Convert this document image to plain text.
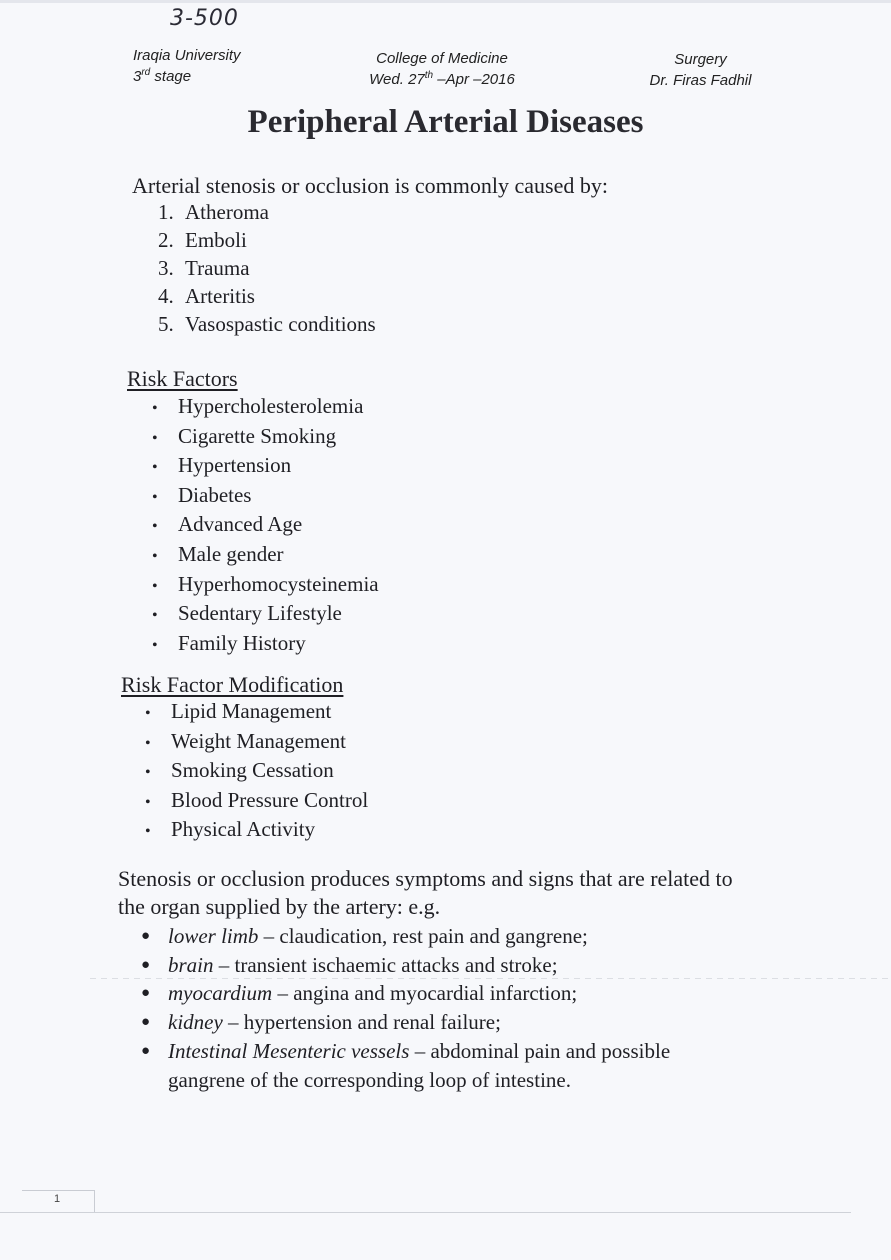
3-500
Iraqia University
3rd stage
College of Medicine
Wed. 27th –Apr –2016
Surgery
Dr. Firas Fadhil
Peripheral Arterial Diseases
Arterial stenosis or occlusion is commonly caused by:
1. Atheroma
2. Emboli
3. Trauma
4. Arteritis
5. Vasospastic conditions
Risk Factors
• Hypercholesterolemia
• Cigarette Smoking
• Hypertension
• Diabetes
• Advanced Age
• Male gender
• Hyperhomocysteinemia
• Sedentary Lifestyle
• Family History
Risk Factor Modification
• Lipid Management
• Weight Management
• Smoking Cessation
• Blood Pressure Control
• Physical Activity
Stenosis or occlusion produces symptoms and signs that are related to the organ supplied by the artery: e.g.
● lower limb – claudication, rest pain and gangrene;
● brain – transient ischaemic attacks and stroke;
● myocardium – angina and myocardial infarction;
● kidney – hypertension and renal failure;
● Intestinal Mesenteric vessels – abdominal pain and possible gangrene of the corresponding loop of intestine.
1
